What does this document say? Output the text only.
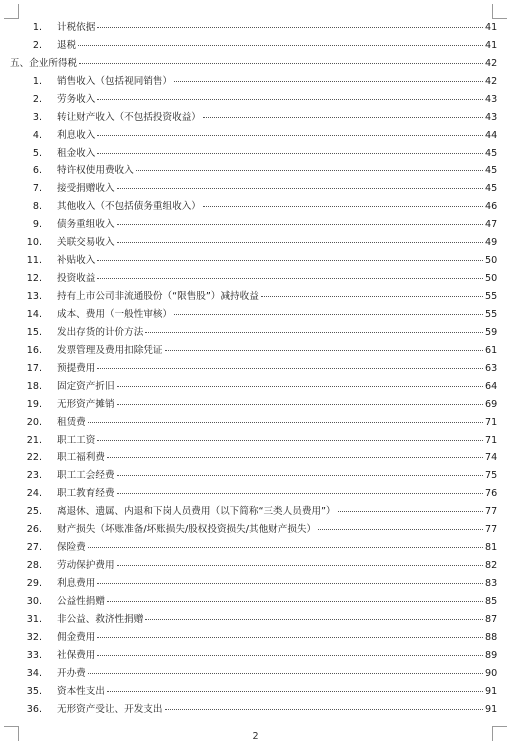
1. 计税依据	41
2. 退税	41
五、企业所得税	42
1. 销售收入（包括视同销售）	42
2. 劳务收入	43
3. 转让财产收入（不包括投资收益）	43
4. 利息收入	44
5. 租金收入	45
6. 特许权使用费收入	45
7. 接受捐赠收入	45
8. 其他收入（不包括债务重组收入）	46
9. 债务重组收入	47
10. 关联交易收入	49
11. 补贴收入	50
12. 投资收益	50
13. 持有上市公司非流通股份（“限售股”）减持收益	55
14. 成本、费用（一般性审核）	55
15. 发出存货的计价方法	59
16. 发票管理及费用扣除凭证	61
17. 预提费用	63
18. 固定资产折旧	64
19. 无形资产摊销	69
20. 租赁费	71
21. 职工工资	71
22. 职工福利费	74
23. 职工工会经费	75
24. 职工教育经费	76
25. 离退休、遗属、内退和下岗人员费用（以下简称“三类人员费用”）	77
26. 财产损失（坏账准备/坏账损失/股权投资损失/其他财产损失）	77
27. 保险费	81
28. 劳动保护费用	82
29. 利息费用	83
30. 公益性捐赠	85
31. 非公益、救济性捐赠	87
32. 佣金费用	88
33. 社保费用	89
34. 开办费	90
35. 资本性支出	91
36. 无形资产受让、开发支出	91
2
